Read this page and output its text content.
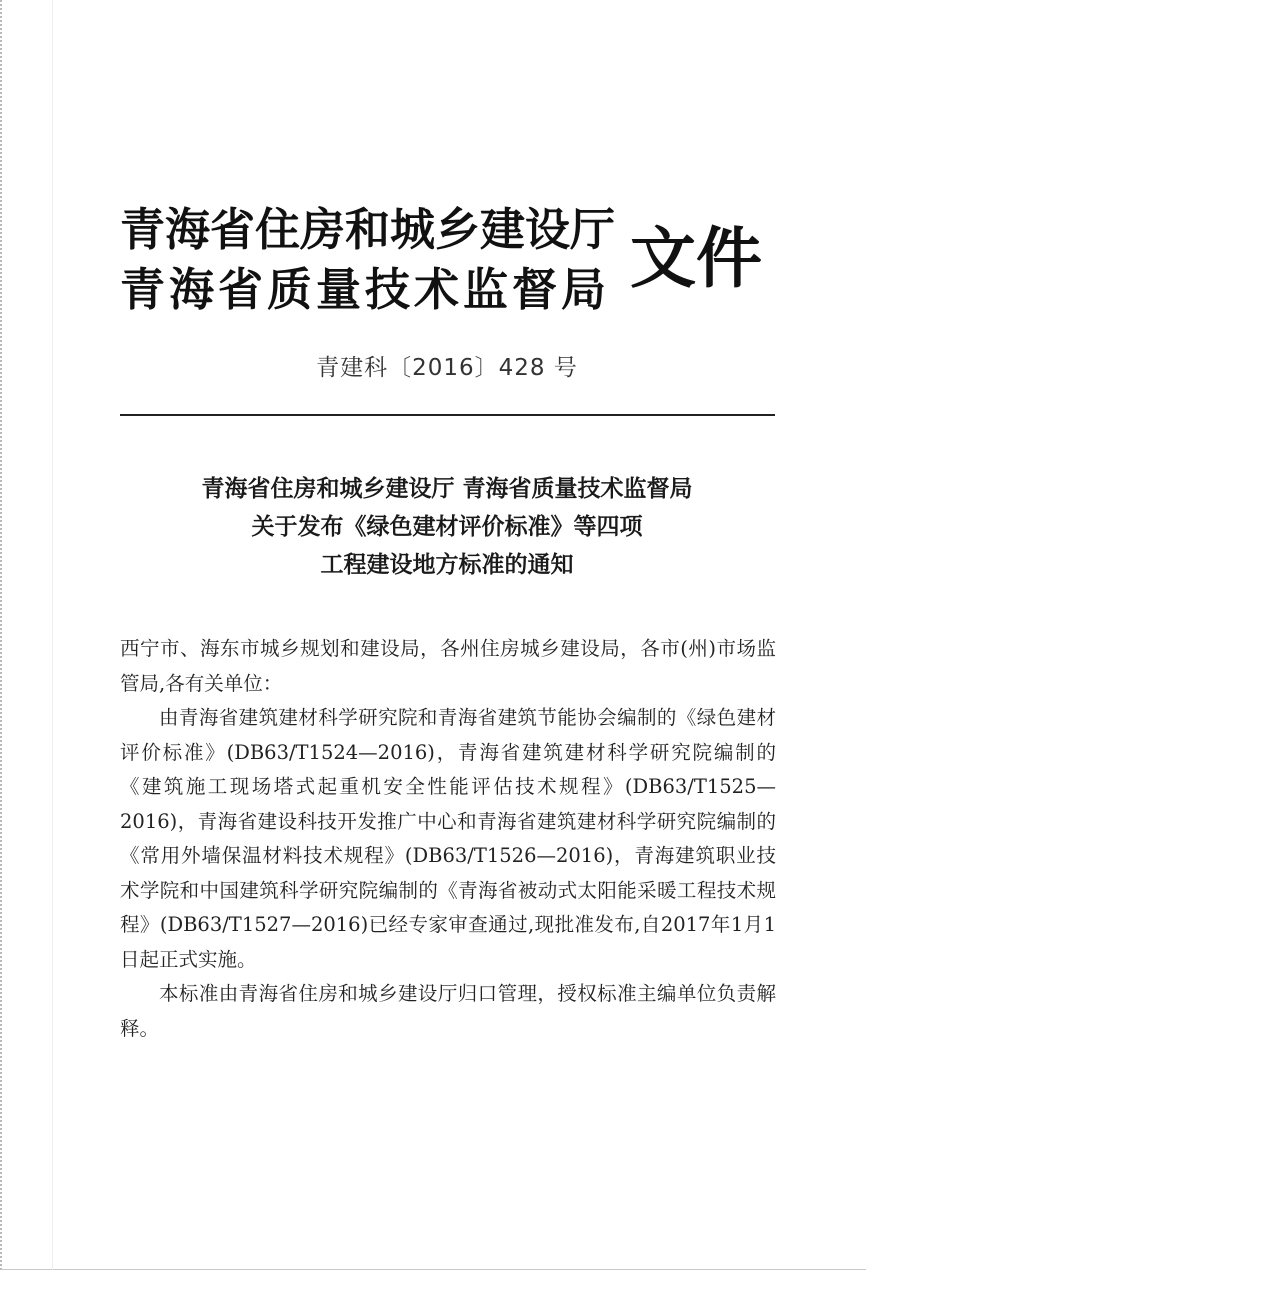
青海省住房和城乡建设厅
青海省质量技术监督局 文件
青建科〔2016〕428 号
青海省住房和城乡建设厅 青海省质量技术监督局
关于发布《绿色建材评价标准》等四项
工程建设地方标准的通知

西宁市、海东市城乡规划和建设局，各州住房城乡建设局，各市(州)市场监管局,各有关单位：

由青海省建筑建材科学研究院和青海省建筑节能协会编制的《绿色建材评价标准》(DB63/T1524—2016)，青海省建筑建材科学研究院编制的《建筑施工现场塔式起重机安全性能评估技术规程》(DB63/T1525—2016)，青海省建设科技开发推广中心和青海省建筑建材科学研究院编制的《常用外墙保温材料技术规程》(DB63/T1526—2016)，青海建筑职业技术学院和中国建筑科学研究院编制的《青海省被动式太阳能采暖工程技术规程》(DB63/T1527—2016)已经专家审查通过,现批准发布,自2017年1月1日起正式实施。

本标准由青海省住房和城乡建设厅归口管理，授权标准主编单位负责解释。
